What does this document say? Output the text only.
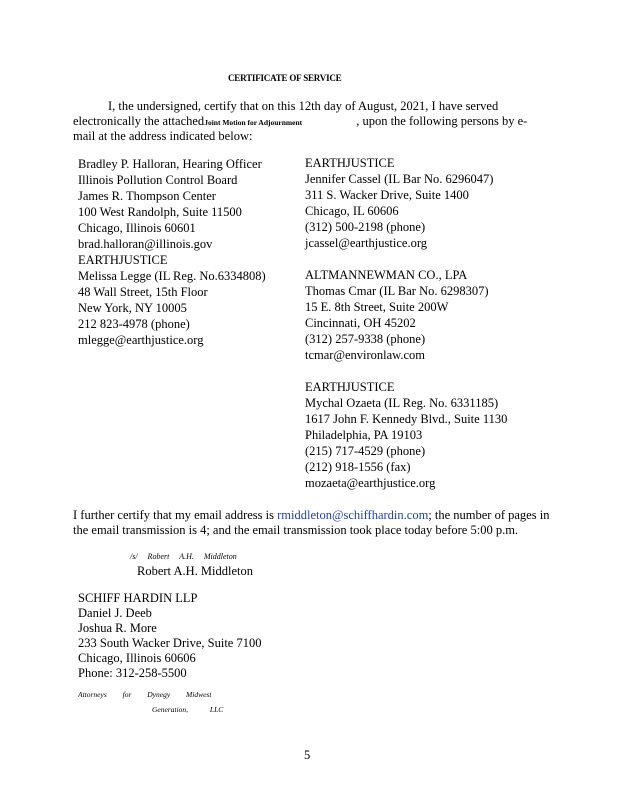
CERTIFICATE OF SERVICE
I, the undersigned, certify that on this 12th day of August, 2021, I have served
electronically the attachedJoint Motion for Adjournment	, upon the following persons by e-
mail at the address indicated below:
Bradley P. Halloran, Hearing Officer
Illinois Pollution Control Board
James R. Thompson Center
100 West Randolph, Suite 11500
Chicago, Illinois 60601
brad.halloran@illinois.gov
EARTHJUSTICE
Melissa Legge (IL Reg. No.6334808)
48 Wall Street, 15th Floor
New York, NY 10005
212 823-4978 (phone)
mlegge@earthjustice.org
EARTHJUSTICE
Jennifer Cassel (IL Bar No. 6296047)
311 S. Wacker Drive, Suite 1400
Chicago, IL 60606
(312) 500-2198 (phone)
jcassel@earthjustice.org
ALTMANNEWMAN CO., LPA
Thomas Cmar (IL Bar No. 6298307)
15 E. 8th Street, Suite 200W
Cincinnati, OH 45202
(312) 257-9338 (phone)
tcmar@environlaw.com
EARTHJUSTICE
Mychal Ozaeta (IL Reg. No. 6331185)
1617 John F. Kennedy Blvd., Suite 1130
Philadelphia, PA 19103
(215) 717-4529 (phone)
(212) 918-1556 (fax)
mozaeta@earthjustice.org
I further certify that my email address is rmiddleton@schiffhardin.com; the number of pages in
the email transmission is 4; and the email transmission took place today before 5:00 p.m.
/s/ Robert A.H. Middleton
Robert A.H. Middleton
SCHIFF HARDIN LLP
Daniel J. Deeb
Joshua R. More
233 South Wacker Drive, Suite 7100
Chicago, Illinois 60606
Phone: 312-258-5500
Attorneys for Dynegy Midwest
Generation, LLC
5
